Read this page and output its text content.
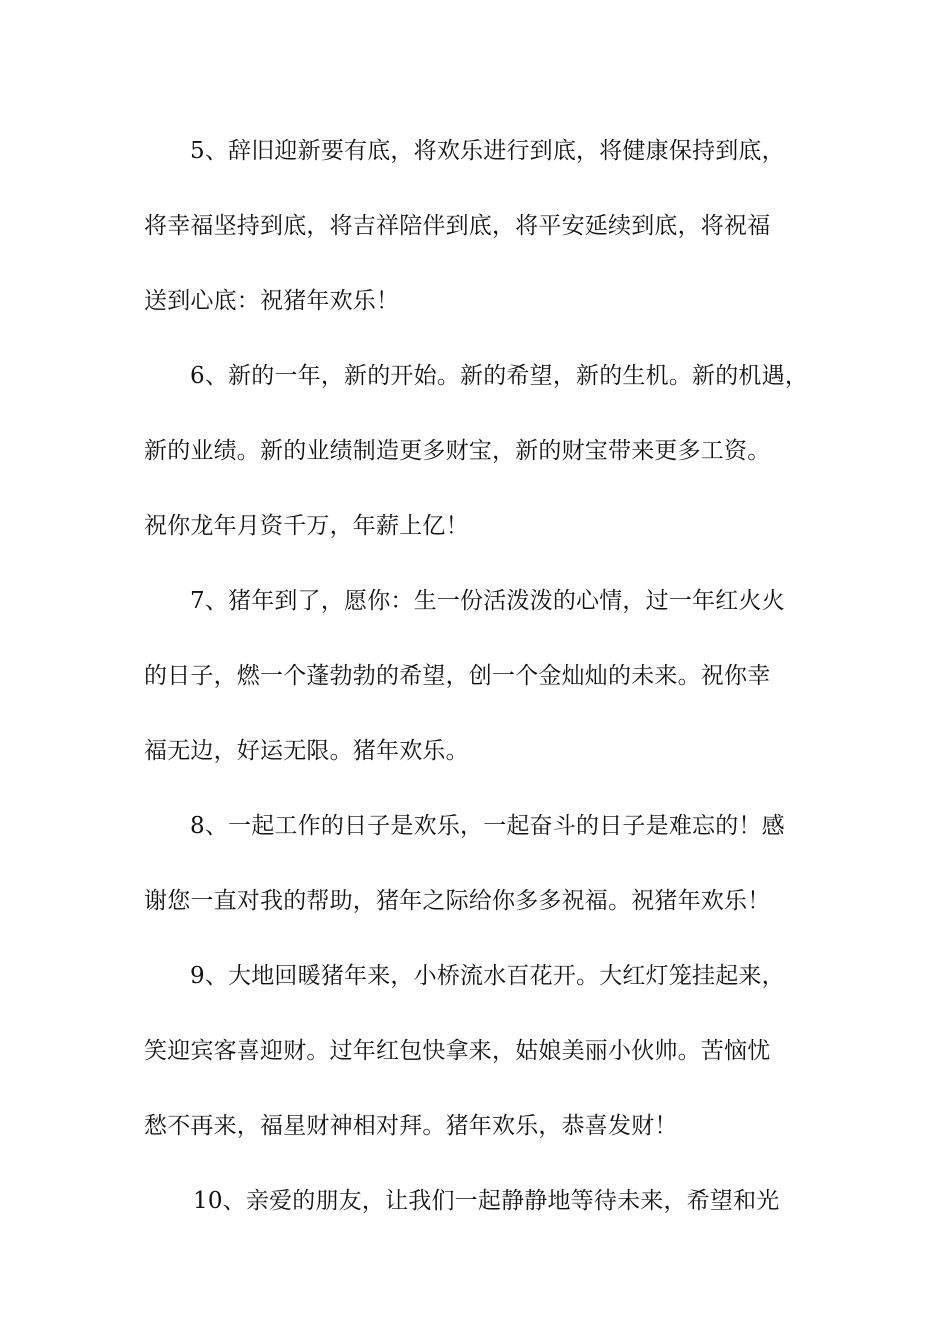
5、辞旧迎新要有底，将欢乐进行到底，将健康保持到底，
将幸福坚持到底，将吉祥陪伴到底，将平安延续到底，将祝福
送到心底：祝猪年欢乐！
6、新的一年，新的开始。新的希望，新的生机。新的机遇，
新的业绩。新的业绩制造更多财宝，新的财宝带来更多工资。
祝你龙年月资千万，年薪上亿！
7、猪年到了，愿你：生一份活泼泼的心情，过一年红火火
的日子，燃一个蓬勃勃的希望，创一个金灿灿的未来。祝你幸
福无边，好运无限。猪年欢乐。
8、一起工作的日子是欢乐，一起奋斗的日子是难忘的！感
谢您一直对我的帮助，猪年之际给你多多祝福。祝猪年欢乐！
9、大地回暖猪年来，小桥流水百花开。大红灯笼挂起来，
笑迎宾客喜迎财。过年红包快拿来，姑娘美丽小伙帅。苦恼忧
愁不再来，福星财神相对拜。猪年欢乐，恭喜发财！
10、亲爱的朋友，让我们一起静静地等待未来，希望和光
